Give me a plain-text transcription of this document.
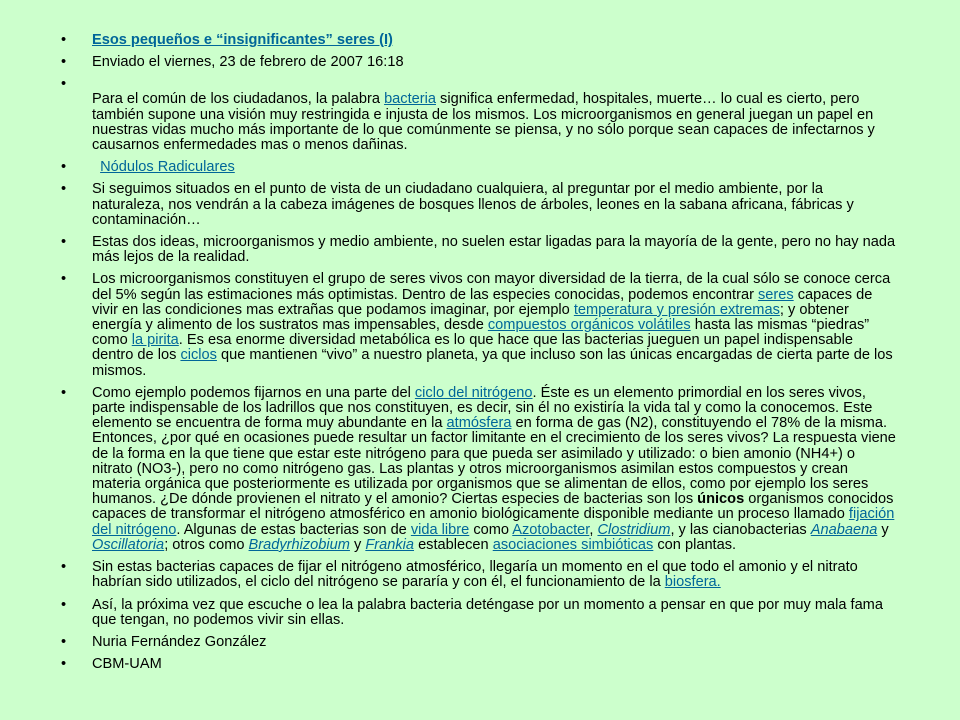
• Esos pequeños e “insignificantes” seres (I)
• Enviado el viernes, 23 de febrero de 2007 16:18
• Para el común de los ciudadanos, la palabra bacteria significa enfermedad, hospitales, muerte… lo cual es cierto, pero también supone una visión muy restringida e injusta de los mismos. Los microorganismos en general juegan un papel en nuestras vidas mucho más importante de lo que comúnmente se piensa, y no sólo porque sean capaces de infectarnos y causarnos enfermedades mas o menos dañinas.
• Nódulos Radiculares
• Si seguimos situados en el punto de vista de un ciudadano cualquiera, al preguntar por el medio ambiente, por la naturaleza, nos vendrán a la cabeza imágenes de bosques llenos de árboles, leones en la sabana africana, fábricas y contaminación…
• Estas dos ideas, microorganismos y medio ambiente, no suelen estar ligadas para la mayoría de la gente, pero no hay nada más lejos de la realidad.
• Los microorganismos constituyen el grupo de seres vivos con mayor diversidad de la tierra, de la cual sólo se conoce cerca del 5% según las estimaciones más optimistas. Dentro de las especies conocidas, podemos encontrar seres capaces de vivir en las condiciones mas extrañas que podamos imaginar, por ejemplo temperatura y presión extremas; y obtener energía y alimento de los sustratos mas impensables, desde compuestos orgánicos volátiles hasta las mismas “piedras” como la pirita. Es esa enorme diversidad metabólica es lo que hace que las bacterias jueguen un papel indispensable dentro de los ciclos que mantienen “vivo” a nuestro planeta, ya que incluso son las únicas encargadas de cierta parte de los mismos.
• Como ejemplo podemos fijarnos en una parte del ciclo del nitrógeno. Éste es un elemento primordial en los seres vivos, parte indispensable de los ladrillos que nos constituyen, es decir, sin él no existiría la vida tal y como la conocemos. Este elemento se encuentra de forma muy abundante en la atmósfera en forma de gas (N2), constituyendo el 78% de la misma. Entonces, ¿por qué en ocasiones puede resultar un factor limitante en el crecimiento de los seres vivos? La respuesta viene de la forma en la que tiene que estar este nitrógeno para que pueda ser asimilado y utilizado: o bien amonio (NH4+) o nitrato (NO3-), pero no como nitrógeno gas. Las plantas y otros microorganismos asimilan estos compuestos y crean materia orgánica que posteriormente es utilizada por organismos que se alimentan de ellos, como por ejemplo los seres humanos. ¿De dónde provienen el nitrato y el amonio? Ciertas especies de bacterias son los únicos organismos conocidos capaces de transformar el nitrógeno atmosférico en amonio biológicamente disponible mediante un proceso llamado fijación del nitrógeno. Algunas de estas bacterias son de vida libre como Azotobacter, Clostridium, y las cianobacterias Anabaena y Oscillatoria; otros como Bradyrhizobium y Frankia establecen asociaciones simbióticas con plantas.
• Sin estas bacterias capaces de fijar el nitrógeno atmosférico, llegaría un momento en el que todo el amonio y el nitrato habrían sido utilizados, el ciclo del nitrógeno se pararía y con él, el funcionamiento de la biosfera.
• Así, la próxima vez que escuche o lea la palabra bacteria deténgase por un momento a pensar en que por muy mala fama que tengan, no podemos vivir sin ellas.
• Nuria Fernández González
• CBM-UAM
